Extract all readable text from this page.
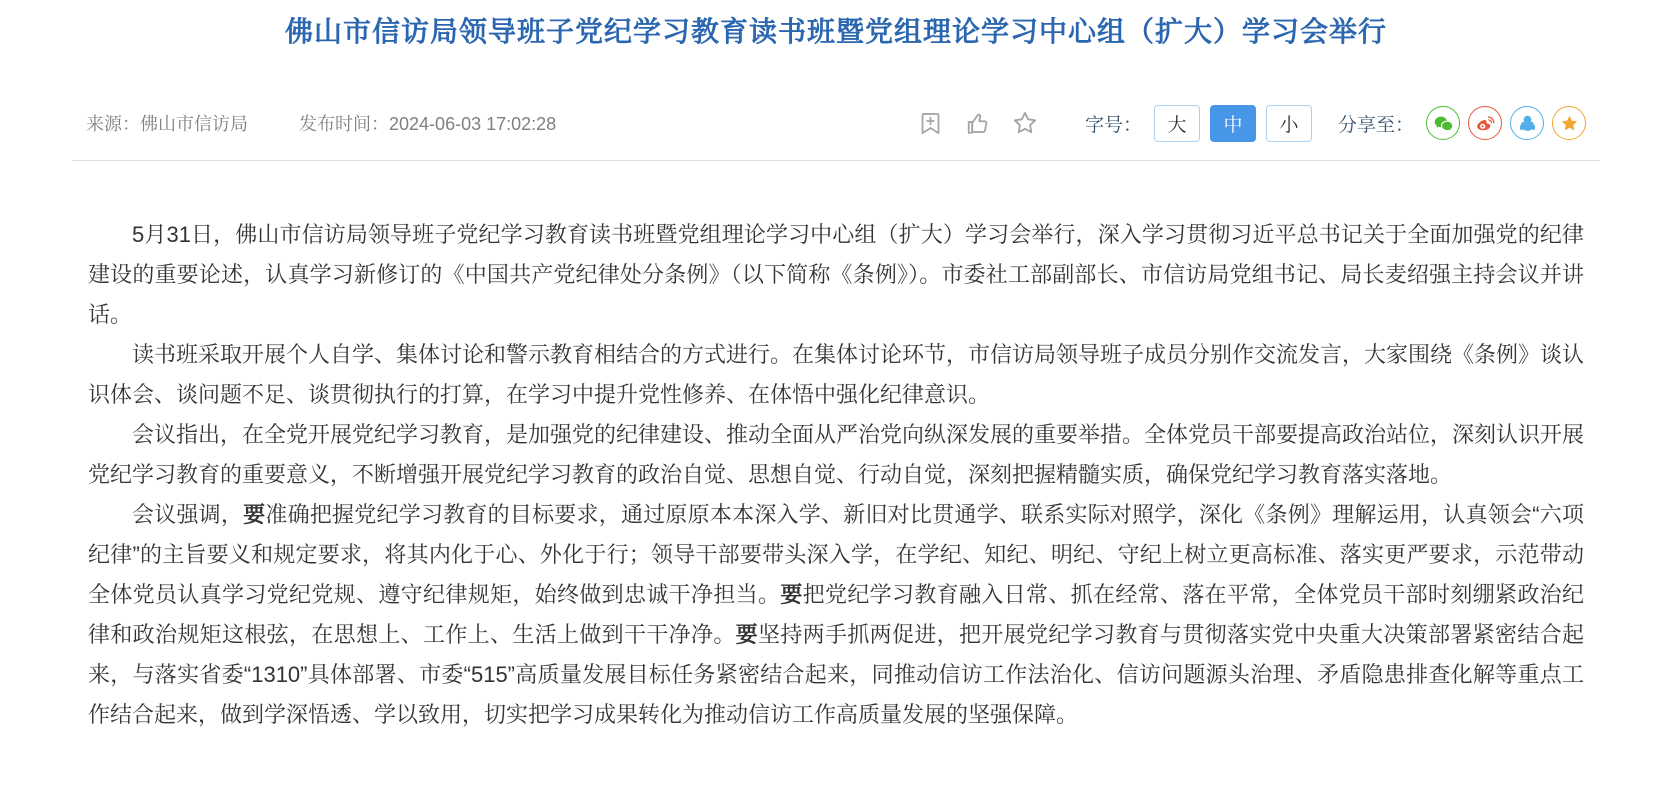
佛山市信访局领导班子党纪学习教育读书班暨党组理论学习中心组（扩大）学习会举行
来源：佛山市信访局	发布时间：2024-06-03 17:02:28	字号：	大	中	小	分享至：

5月31日，佛山市信访局领导班子党纪学习教育读书班暨党组理论学习中心组（扩大）学习会举行，深入学习贯彻习近平总书记关于全面加强党的纪律建设的重要论述，认真学习新修订的《中国共产党纪律处分条例》（以下简称《条例》）。市委社工部副部长、市信访局党组书记、局长麦绍强主持会议并讲话。

读书班采取开展个人自学、集体讨论和警示教育相结合的方式进行。在集体讨论环节，市信访局领导班子成员分别作交流发言，大家围绕《条例》谈认识体会、谈问题不足、谈贯彻执行的打算，在学习中提升党性修养、在体悟中强化纪律意识。

会议指出，在全党开展党纪学习教育，是加强党的纪律建设、推动全面从严治党向纵深发展的重要举措。全体党员干部要提高政治站位，深刻认识开展党纪学习教育的重要意义，不断增强开展党纪学习教育的政治自觉、思想自觉、行动自觉，深刻把握精髓实质，确保党纪学习教育落实落地。

会议强调，要准确把握党纪学习教育的目标要求，通过原原本本深入学、新旧对比贯通学、联系实际对照学，深化《条例》理解运用，认真领会“六项纪律”的主旨要义和规定要求，将其内化于心、外化于行；领导干部要带头深入学，在学纪、知纪、明纪、守纪上树立更高标准、落实更严要求，示范带动全体党员认真学习党纪党规、遵守纪律规矩，始终做到忠诚干净担当。要把党纪学习教育融入日常、抓在经常、落在平常，全体党员干部时刻绷紧政治纪律和政治规矩这根弦，在思想上、工作上、生活上做到干干净净。要坚持两手抓两促进，把开展党纪学习教育与贯彻落实党中央重大决策部署紧密结合起来，与落实省委“1310”具体部署、市委“515”高质量发展目标任务紧密结合起来，同推动信访工作法治化、信访问题源头治理、矛盾隐患排查化解等重点工作结合起来，做到学深悟透、学以致用，切实把学习成果转化为推动信访工作高质量发展的坚强保障。
